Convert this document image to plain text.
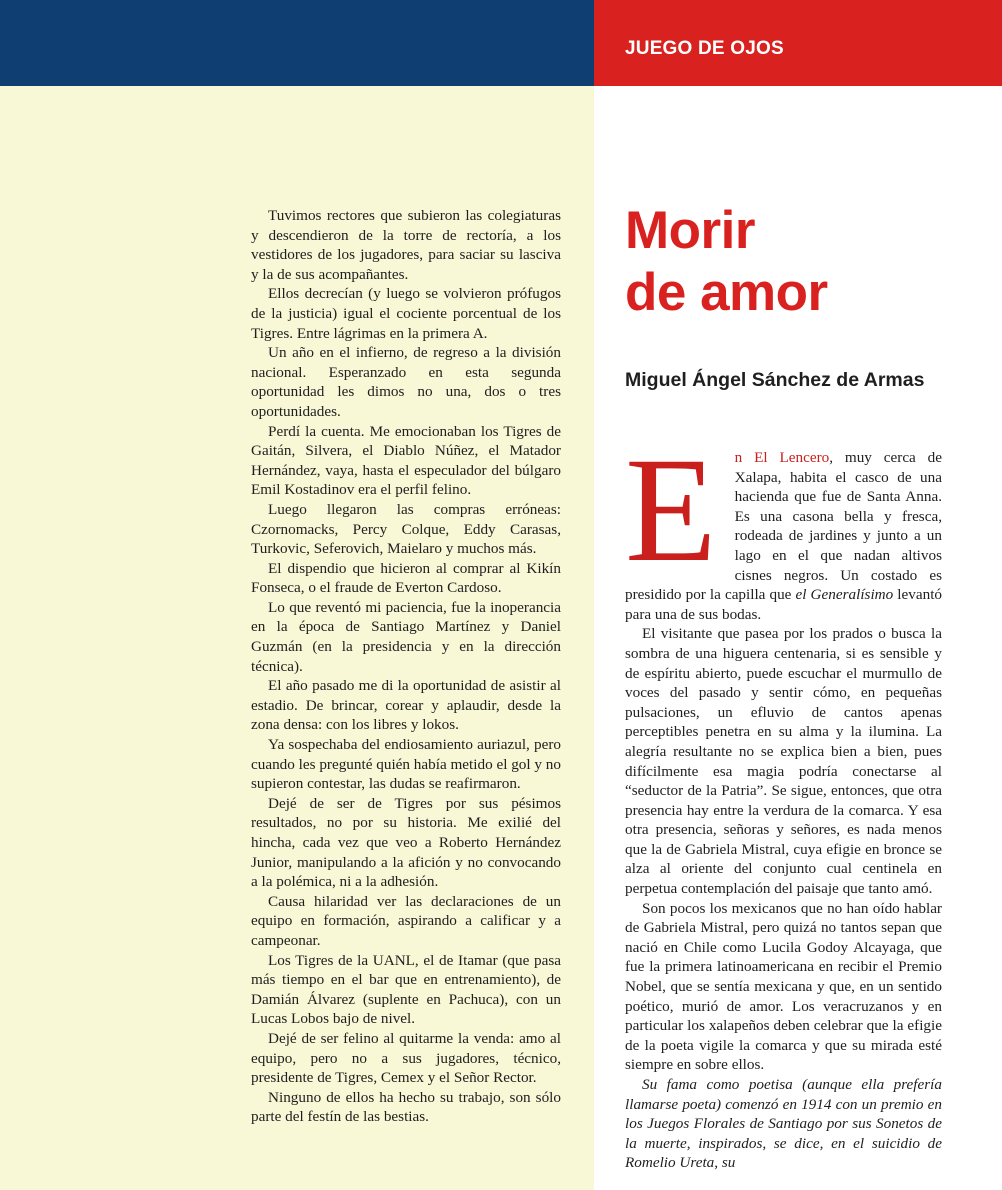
JUEGO DE OJOS

Tuvimos rectores que subieron las colegiaturas y descendieron de la torre de rectoría, a los vestidores de los jugadores, para saciar su lasciva y la de sus acompañantes.

Ellos decrecían (y luego se volvieron prófugos de la justicia) igual el cociente porcentual de los Tigres. Entre lágrimas en la primera A.

Un año en el infierno, de regreso a la división nacional. Esperanzado en esta segunda oportunidad les dimos no una, dos o tres oportunidades.

Perdí la cuenta. Me emocionaban los Tigres de Gaitán, Silvera, el Diablo Núñez, el Matador Hernández, vaya, hasta el especulador del búlgaro Emil Kostadinov era el perfil felino.

Luego llegaron las compras erróneas: Czornomacks, Percy Colque, Eddy Carasas, Turkovic, Seferovich, Maielaro y muchos más.

El dispendio que hicieron al comprar al Kikín Fonseca, o el fraude de Everton Cardoso.

Lo que reventó mi paciencia, fue la inoperancia en la época de Santiago Martínez y Daniel Guzmán (en la presidencia y en la dirección técnica).

El año pasado me di la oportunidad de asistir al estadio. De brincar, corear y aplaudir, desde la zona densa: con los libres y lokos.

Ya sospechaba del endiosamiento auriazul, pero cuando les pregunté quién había metido el gol y no supieron contestar, las dudas se reafirmaron.

Dejé de ser de Tigres por sus pésimos resultados, no por su historia. Me exilié del hincha, cada vez que veo a Roberto Hernández Junior, manipulando a la afición y no convocando a la polémica, ni a la adhesión.

Causa hilaridad ver las declaraciones de un equipo en formación, aspirando a calificar y a campeonar.

Los Tigres de la UANL, el de Itamar (que pasa más tiempo en el bar que en entrenamiento), de Damián Álvarez (suplente en Pachuca), con un Lucas Lobos bajo de nivel.

Dejé de ser felino al quitarme la venda: amo al equipo, pero no a sus jugadores, técnico, presidente de Tigres, Cemex y el Señor Rector.

Ninguno de ellos ha hecho su trabajo, son sólo parte del festín de las bestias.

Morir
de amor
Miguel Ángel Sánchez de Armas

E n El Lencero, muy cerca de Xalapa, habita el casco de una hacienda que fue de Santa Anna. Es una casona bella y fresca, rodeada de jardines y junto a un lago en el que nadan altivos cisnes negros. Un costado es presidido por la capilla que el Generalísimo levantó para una de sus bodas.

El visitante que pasea por los prados o busca la sombra de una higuera centenaria, si es sensible y de espíritu abierto, puede escuchar el murmullo de voces del pasado y sentir cómo, en pequeñas pulsaciones, un efluvio de cantos apenas perceptibles penetra en su alma y la ilumina. La alegría resultante no se explica bien a bien, pues difícilmente esa magia podría conectarse al “seductor de la Patria”. Se sigue, entonces, que otra presencia hay entre la verdura de la comarca. Y esa otra presencia, señoras y señores, es nada menos que la de Gabriela Mistral, cuya efigie en bronce se alza al oriente del conjunto cual centinela en perpetua contemplación del paisaje que tanto amó.

Son pocos los mexicanos que no han oído hablar de Gabriela Mistral, pero quizá no tantos sepan que nació en Chile como Lucila Godoy Alcayaga, que fue la primera latinoamericana en recibir el Premio Nobel, que se sentía mexicana y que, en un sentido poético, murió de amor. Los veracruzanos y en particular los xalapeños deben celebrar que la efigie de la poeta vigile la comarca y que su mirada esté siempre en sobre ellos.

Su fama como poetisa (aunque ella prefería llamarse poeta) comenzó en 1914 con un premio en los Juegos Florales de Santiago por sus Sonetos de la muerte, inspirados, se dice, en el suicidio de Romelio Ureta, su
